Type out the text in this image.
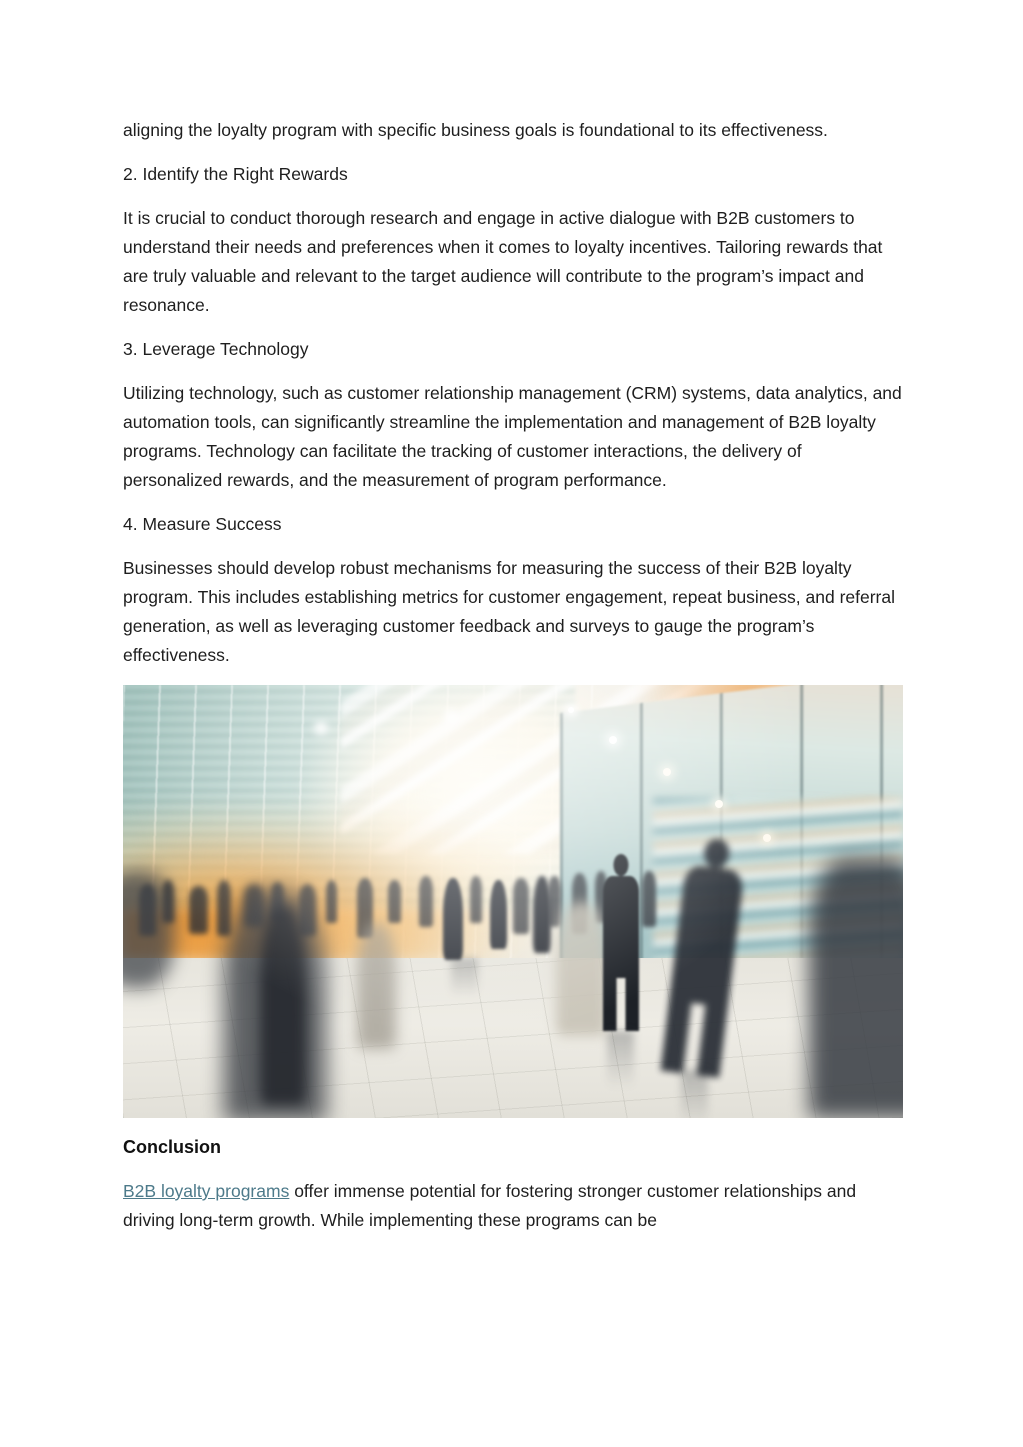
aligning the loyalty program with specific business goals is foundational to its effectiveness.

2. Identify the Right Rewards

It is crucial to conduct thorough research and engage in active dialogue with B2B customers to understand their needs and preferences when it comes to loyalty incentives. Tailoring rewards that are truly valuable and relevant to the target audience will contribute to the program’s impact and resonance.

3. Leverage Technology

Utilizing technology, such as customer relationship management (CRM) systems, data analytics, and automation tools, can significantly streamline the implementation and management of B2B loyalty programs. Technology can facilitate the tracking of customer interactions, the delivery of personalized rewards, and the measurement of program performance.

4. Measure Success

Businesses should develop robust mechanisms for measuring the success of their B2B loyalty program. This includes establishing metrics for customer engagement, repeat business, and referral generation, as well as leveraging customer feedback and surveys to gauge the program’s effectiveness.

Conclusion

B2B loyalty programs offer immense potential for fostering stronger customer relationships and driving long-term growth. While implementing these programs can be
